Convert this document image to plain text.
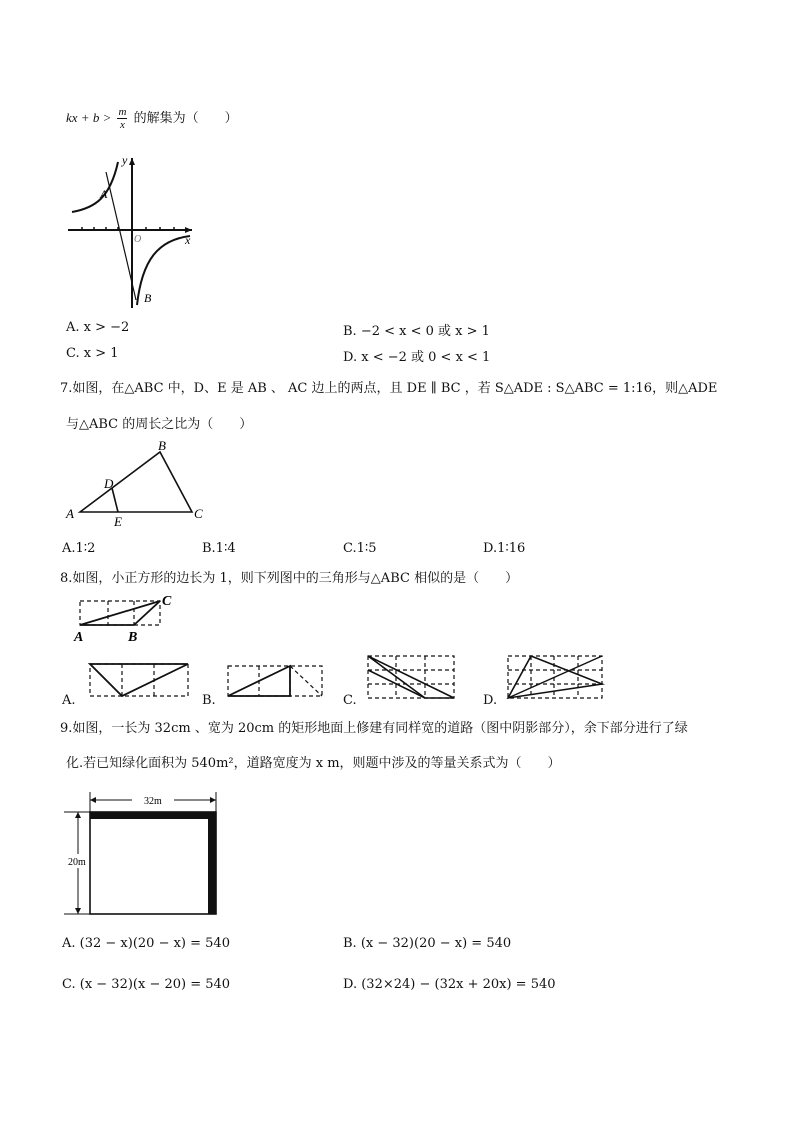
kx + $b > \frac{m}{x}$ 的解集为（　　）
y
x
A
B
O
A. x > −2	B. −2 < x < 0 或 x > 1
C. x > 1	D. x < −2 或 0 < x < 1
7.如图，在△ABC 中，D、E 是 AB 、 AC 边上的两点，且 DE ∥ BC ，若 S△ADE : S△ABC = 1:16，则△ADE
与△ABC 的周长之比为（　　）
A
B
C
D
E
A.1∶2	B.1∶4	C.1∶5	D.1∶16
8.如图，小正方形的边长为 1，则下列图中的三角形与△ABC 相似的是（　　）
A	B
C
A.	B.	C.	D.
9.如图，一长为 32cm 、宽为 20cm 的矩形地面上修建有同样宽的道路（图中阴影部分），余下部分进行了绿
化.若已知绿化面积为 540m²，道路宽度为 x m，则题中涉及的等量关系式为（　　）
32m
20m
A. (32 − x)(20 − x) = 540	B. (x − 32)(20 − x) = 540
C. (x − 32)(x − 20) = 540	D. (32×24) − (32x + 20x) = 540
